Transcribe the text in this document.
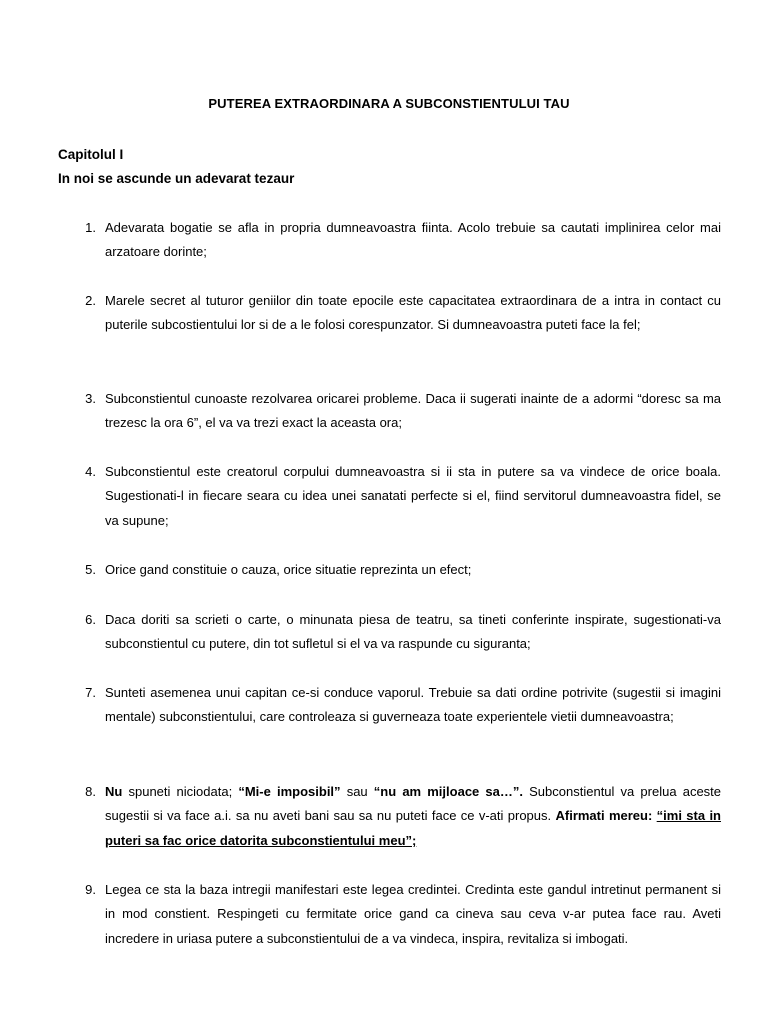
PUTEREA EXTRAORDINARA A SUBCONSTIENTULUI TAU
Capitolul I
In noi se ascunde un adevarat tezaur
1. Adevarata bogatie se afla in propria dumneavoastra fiinta. Acolo trebuie sa cautati implinirea celor mai arzatoare dorinte;
2. Marele secret al tuturor geniilor din toate epocile este capacitatea extraordinara de a intra in contact cu puterile subcostientului lor si de a le folosi corespunzator. Si dumneavoastra puteti face la fel;
3. Subconstientul cunoaste rezolvarea oricarei probleme. Daca ii sugerati inainte de a adormi “doresc sa ma trezesc la ora 6”, el va va trezi exact la aceasta ora;
4. Subconstientul este creatorul corpului dumneavoastra si ii sta in putere sa va vindece de orice boala. Sugestionati-l in fiecare seara cu idea unei sanatati perfecte si el, fiind servitorul dumneavoastra fidel, se va supune;
5. Orice gand constituie o cauza, orice situatie reprezinta un efect;
6. Daca doriti sa scrieti o carte, o minunata piesa de teatru, sa tineti conferinte inspirate, sugestionati-va subconstientul cu putere, din tot sufletul si el va va raspunde cu siguranta;
7. Sunteti asemenea unui capitan ce-si conduce vaporul. Trebuie sa dati ordine potrivite (sugestii si imagini mentale) subconstientului, care controleaza si guverneaza toate experientele vietii dumneavoastra;
8. Nu spuneti niciodata; “Mi-e imposibil” sau “nu am mijloace sa…”. Subconstientul va prelua aceste sugestii si va face a.i. sa nu aveti bani sau sa nu puteti face ce v-ati propus. Afirmati mereu: “imi sta in puteri sa fac orice datorita subconstientului meu”;
9. Legea ce sta la baza intregii manifestari este legea credintei. Credinta este gandul intretinut permanent si in mod constient. Respingeti cu fermitate orice gand ca cineva sau ceva v-ar putea face rau. Aveti incredere in uriasa putere a subconstientului de a va vindeca, inspira, revitaliza si imbogati.
